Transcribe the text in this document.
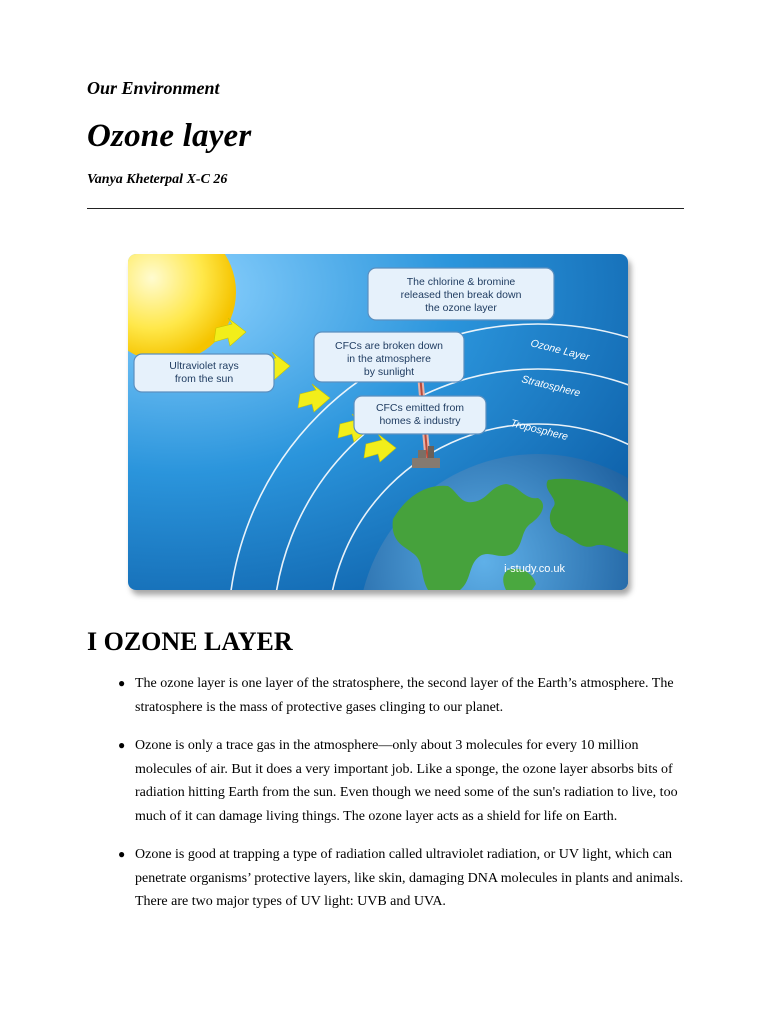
Our Environment
Ozone layer
Vanya Kheterpal X-C 26
The chlorine & bromine
released then break down
the ozone layer
CFCs are broken down
in the atmosphere
by sunlight
Ultraviolet rays
from the sun
CFCs emitted from
homes & industry
Ozone Layer
Stratosphere
Troposphere
i-study.co.uk
I OZONE LAYER
● The ozone layer is one layer of the stratosphere, the second layer of the Earth’s atmosphere. The stratosphere is the mass of protective gases clinging to our planet.
● Ozone is only a trace gas in the atmosphere—only about 3 molecules for every 10 million molecules of air. But it does a very important job. Like a sponge, the ozone layer absorbs bits of radiation hitting Earth from the sun. Even though we need some of the sun's radiation to live, too much of it can damage living things. The ozone layer acts as a shield for life on Earth.
● Ozone is good at trapping a type of radiation called ultraviolet radiation, or UV light, which can penetrate organisms’ protective layers, like skin, damaging DNA molecules in plants and animals. There are two major types of UV light: UVB and UVA.
